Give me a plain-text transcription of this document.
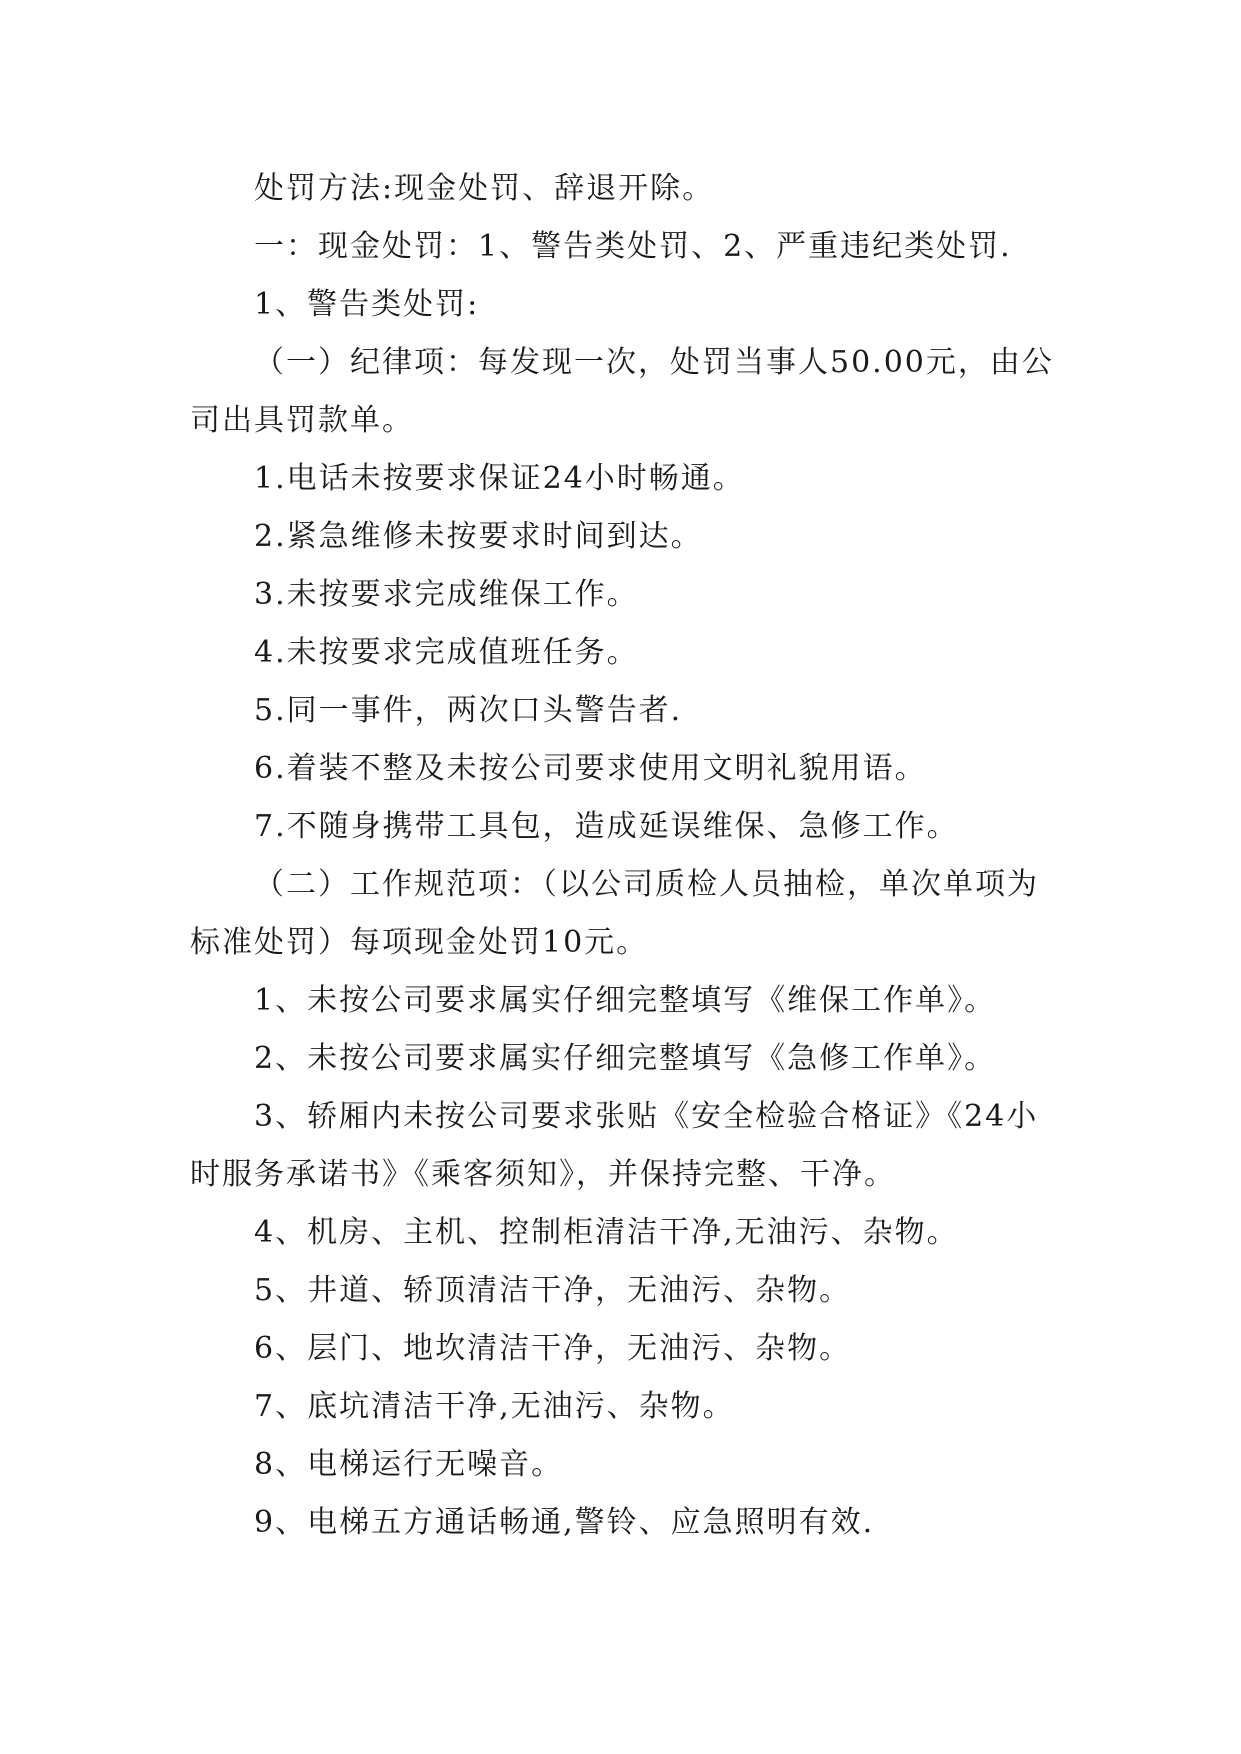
处罚方法:现金处罚、辞退开除。

一：现金处罚：1、警告类处罚、2、严重违纪类处罚.

1、警告类处罚:

（一）纪律项：每发现一次，处罚当事人50.00元，由公司出具罚款单。

1.电话未按要求保证24小时畅通。

2.紧急维修未按要求时间到达。

3.未按要求完成维保工作。

4.未按要求完成值班任务。

5.同一事件，两次口头警告者.

6.着装不整及未按公司要求使用文明礼貌用语。

7.不随身携带工具包，造成延误维保、急修工作。

（二）工作规范项：（以公司质检人员抽检，单次单项为标准处罚）每项现金处罚10元。

1、未按公司要求属实仔细完整填写《维保工作单》。

2、未按公司要求属实仔细完整填写《急修工作单》。

3、轿厢内未按公司要求张贴《安全检验合格证》《24小时服务承诺书》《乘客须知》，并保持完整、干净。

4、机房、主机、控制柜清洁干净,无油污、杂物。

5、井道、轿顶清洁干净，无油污、杂物。

6、层门、地坎清洁干净，无油污、杂物。

7、底坑清洁干净,无油污、杂物。

8、电梯运行无噪音。

9、电梯五方通话畅通,警铃、应急照明有效.
